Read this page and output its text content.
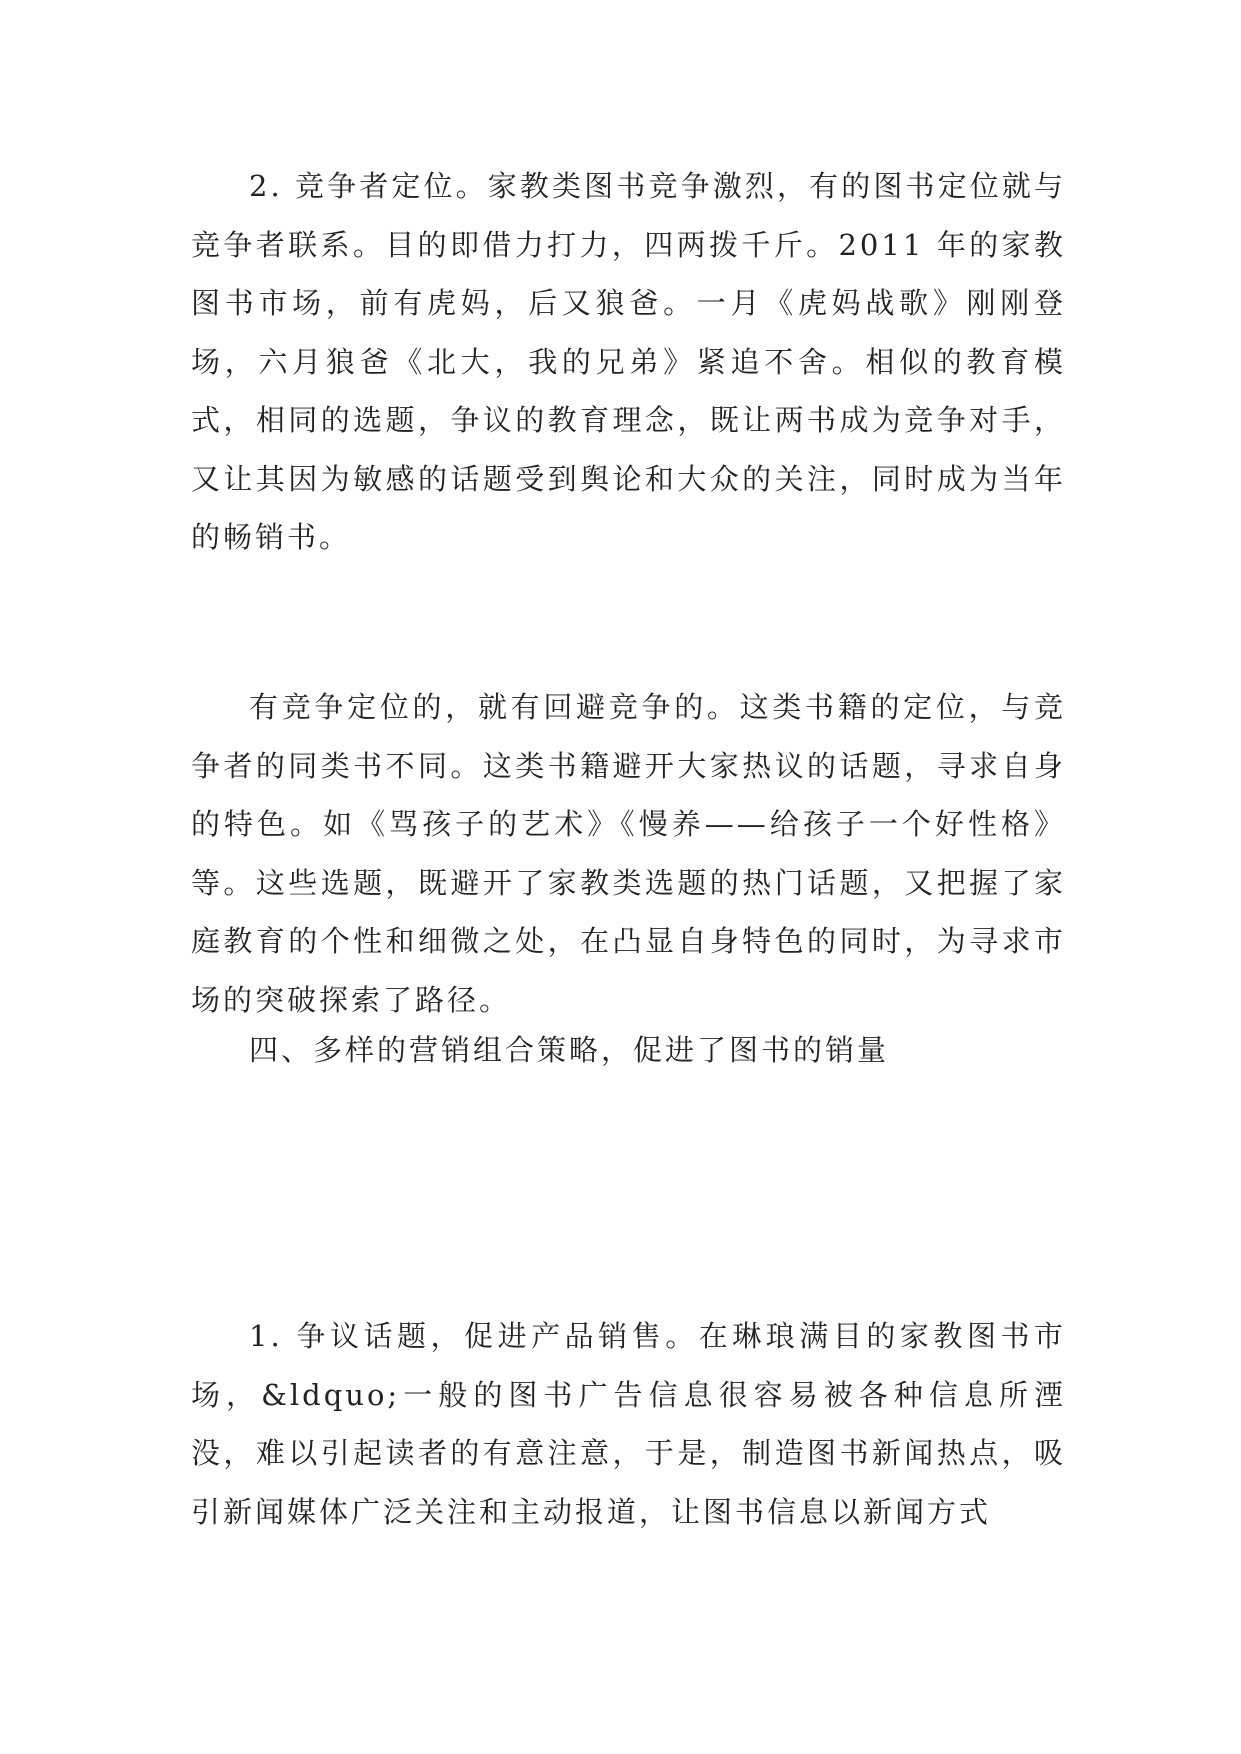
2. 竞争者定位。家教类图书竞争激烈，有的图书定位就与竞争者联系。目的即借力打力，四两拨千斤。2011 年的家教图书市场，前有虎妈，后又狼爸。一月《虎妈战歌》刚刚登场，六月狼爸《北大，我的兄弟》紧追不舍。相似的教育模式，相同的选题，争议的教育理念，既让两书成为竞争对手，又让其因为敏感的话题受到舆论和大众的关注，同时成为当年的畅销书。

有竞争定位的，就有回避竞争的。这类书籍的定位，与竞争者的同类书不同。这类书籍避开大家热议的话题，寻求自身的特色。如《骂孩子的艺术》《慢养——给孩子一个好性格》等。这些选题，既避开了家教类选题的热门话题，又把握了家庭教育的个性和细微之处，在凸显自身特色的同时，为寻求市场的突破探索了路径。

四、多样的营销组合策略，促进了图书的销量

1. 争议话题，促进产品销售。在琳琅满目的家教图书市场，&ldquo;一般的图书广告信息很容易被各种信息所湮没，难以引起读者的有意注意，于是，制造图书新闻热点，吸引新闻媒体广泛关注和主动报道，让图书信息以新闻方式
